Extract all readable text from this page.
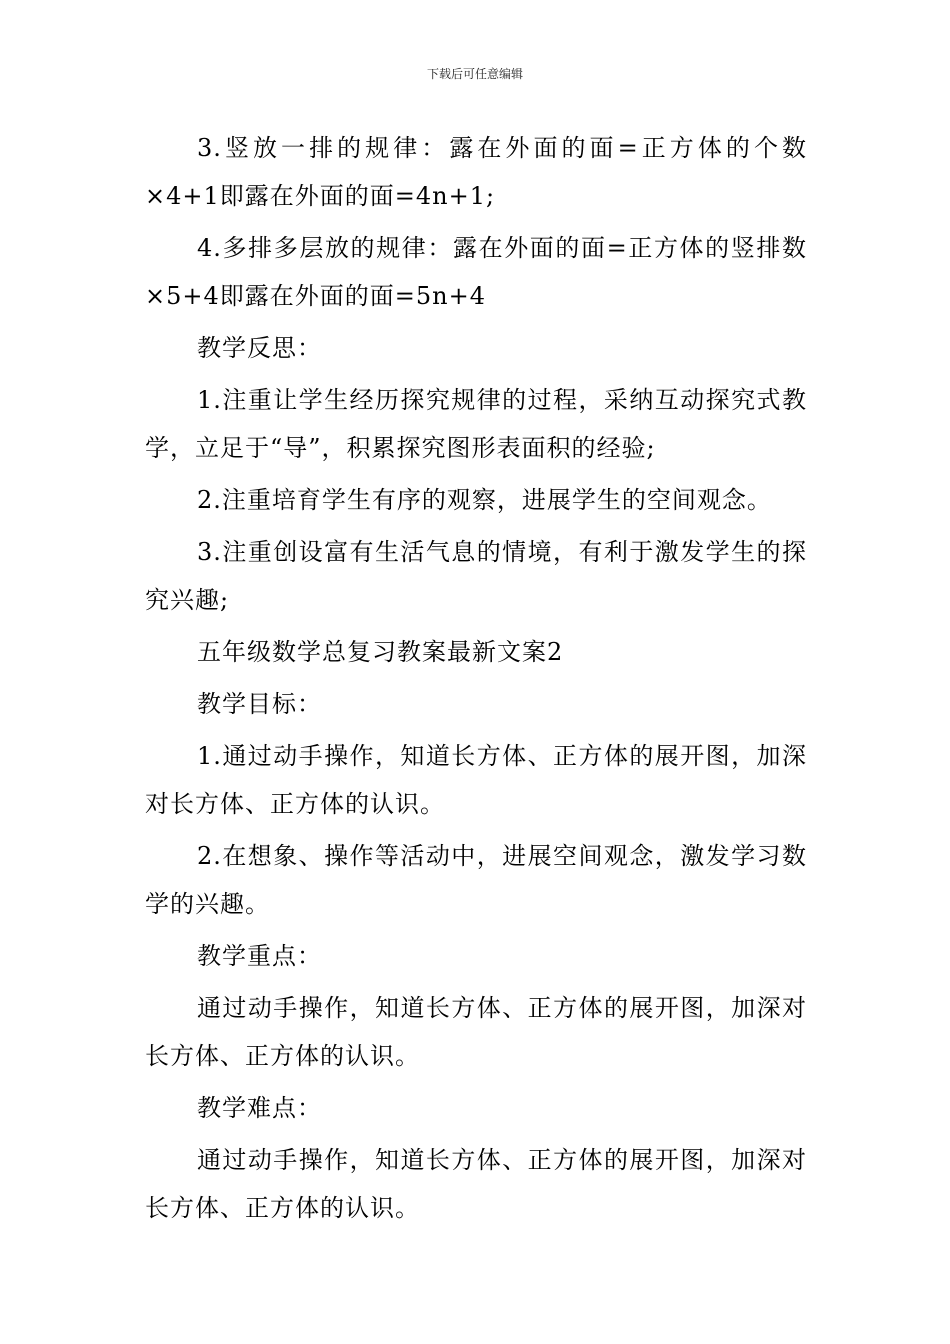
下载后可任意编辑

3.竖放一排的规律：露在外面的面=正方体的个数×4+1即露在外面的面=4n+1;

4.多排多层放的规律：露在外面的面=正方体的竖排数×5+4即露在外面的面=5n+4

教学反思：

1.注重让学生经历探究规律的过程，采纳互动探究式教学，立足于“导”，积累探究图形表面积的经验;

2.注重培育学生有序的观察，进展学生的空间观念。

3.注重创设富有生活气息的情境，有利于激发学生的探究兴趣;

五年级数学总复习教案最新文案2

教学目标：

1.通过动手操作，知道长方体、正方体的展开图，加深对长方体、正方体的认识。

2.在想象、操作等活动中，进展空间观念，激发学习数学的兴趣。

教学重点：

通过动手操作，知道长方体、正方体的展开图，加深对长方体、正方体的认识。

教学难点：

通过动手操作，知道长方体、正方体的展开图，加深对长方体、正方体的认识。
